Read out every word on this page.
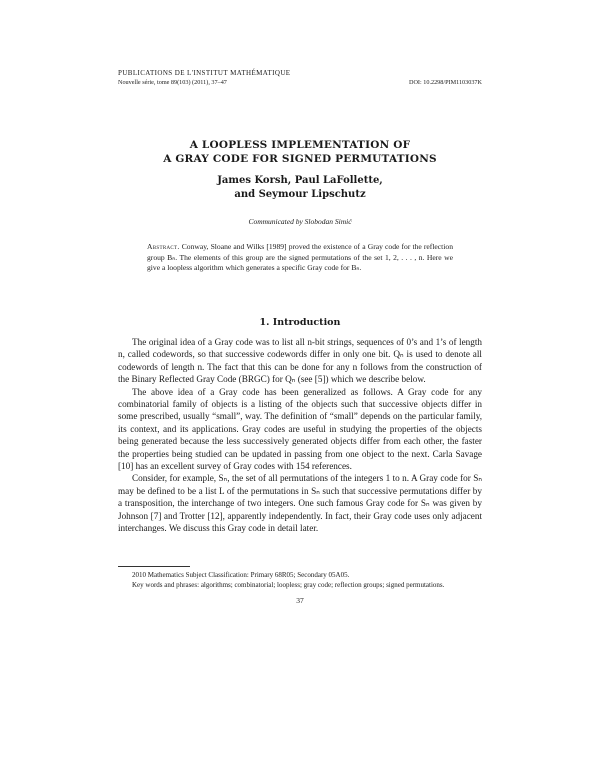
PUBLICATIONS DE L'INSTITUT MATHÉMATIQUE
Nouvelle série, tome 89(103) (2011), 37–47	DOI: 10.2298/PIM1103037K
A LOOPLESS IMPLEMENTATION OF
A GRAY CODE FOR SIGNED PERMUTATIONS
James Korsh, Paul LaFollette,
and Seymour Lipschutz
Communicated by Slobodan Simić
Abstract. Conway, Sloane and Wilks [1989] proved the existence of a Gray code for the reflection group Bₙ. The elements of this group are the signed permutations of the set 1, 2, . . . , n. Here we give a loopless algorithm which generates a specific Gray code for Bₙ.
1. Introduction

The original idea of a Gray code was to list all n-bit strings, sequences of 0’s and 1’s of length n, called codewords, so that successive codewords differ in only one bit. Qₙ is used to denote all codewords of length n. The fact that this can be done for any n follows from the construction of the Binary Reflected Gray Code (BRGC) for Qₙ (see [5]) which we describe below.

The above idea of a Gray code has been generalized as follows. A Gray code for any combinatorial family of objects is a listing of the objects such that successive objects differ in some prescribed, usually “small”, way. The definition of “small” depends on the particular family, its context, and its applications. Gray codes are useful in studying the properties of the objects being generated because the less successively generated objects differ from each other, the faster the properties being studied can be updated in passing from one object to the next. Carla Savage [10] has an excellent survey of Gray codes with 154 references.

Consider, for example, Sₙ, the set of all permutations of the integers 1 to n. A Gray code for Sₙ may be defined to be a list L of the permutations in Sₙ such that successive permutations differ by a transposition, the interchange of two integers. One such famous Gray code for Sₙ was given by Johnson [7] and Trotter [12], apparently independently. In fact, their Gray code uses only adjacent interchanges. We discuss this Gray code in detail later.

2010 Mathematics Subject Classification: Primary 68R05; Secondary 05A05.

Key words and phrases: algorithms; combinatorial; loopless; gray code; reflection groups; signed permutations.

37
